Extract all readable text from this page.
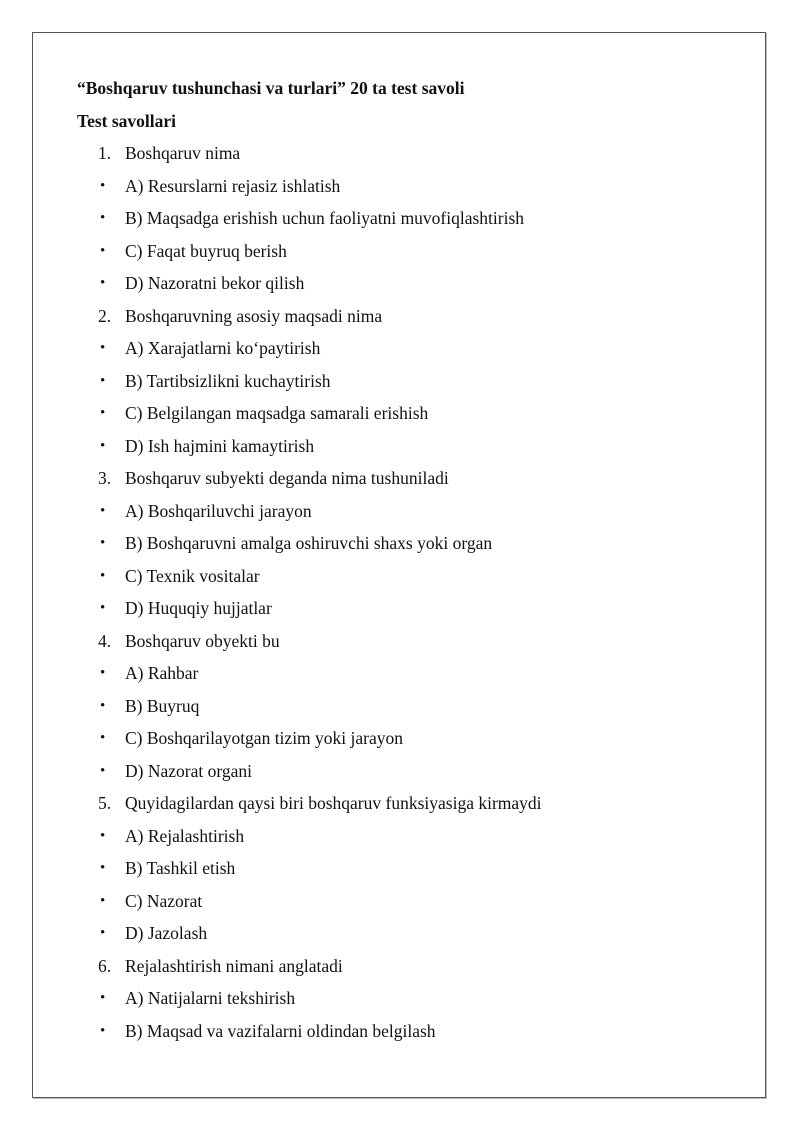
“Boshqaruv tushunchasi va turlari” 20 ta test savoli
Test savollari
1. Boshqaruv nima
• A) Resurslarni rejasiz ishlatish
• B) Maqsadga erishish uchun faoliyatni muvofiqlashtirish
• C) Faqat buyruq berish
• D) Nazoratni bekor qilish
2. Boshqaruvning asosiy maqsadi nima
• A) Xarajatlarni ko‘paytirish
• B) Tartibsizlikni kuchaytirish
• C) Belgilangan maqsadga samarali erishish
• D) Ish hajmini kamaytirish
3. Boshqaruv subyekti deganda nima tushuniladi
• A) Boshqariluvchi jarayon
• B) Boshqaruvni amalga oshiruvchi shaxs yoki organ
• C) Texnik vositalar
• D) Huquqiy hujjatlar
4. Boshqaruv obyekti bu
• A) Rahbar
• B) Buyruq
• C) Boshqarilayotgan tizim yoki jarayon
• D) Nazorat organi
5. Quyidagilardan qaysi biri boshqaruv funksiyasiga kirmaydi
• A) Rejalashtirish
• B) Tashkil etish
• C) Nazorat
• D) Jazolash
6. Rejalashtirish nimani anglatadi
• A) Natijalarni tekshirish
• B) Maqsad va vazifalarni oldindan belgilash
